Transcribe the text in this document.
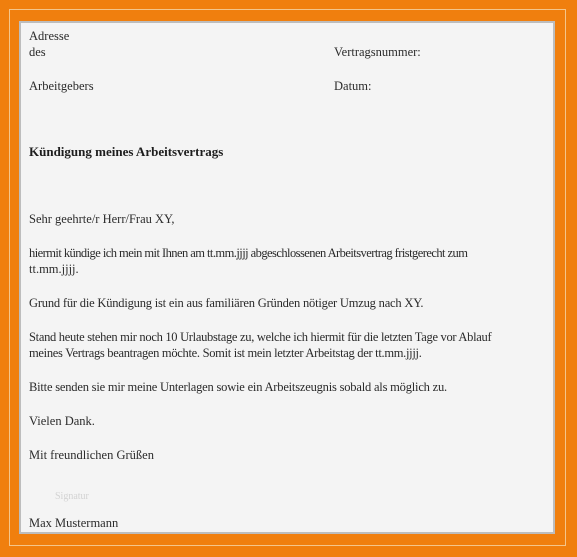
Adresse
des	Vertragsnummer:
Arbeitgebers	Datum:
Kündigung meines Arbeitsvertrags
Sehr geehrte/r Herr/Frau XY,
hiermit kündige ich mein mit Ihnen am tt.mm.jjjj abgeschlossenen Arbeitsvertrag fristgerecht zum
tt.mm.jjjj.
Grund für die Kündigung ist ein aus familiären Gründen nötiger Umzug nach XY.
Stand heute stehen mir noch 10 Urlaubstage zu, welche ich hiermit für die letzten Tage vor Ablauf
meines Vertrags beantragen möchte. Somit ist mein letzter Arbeitstag der tt.mm.jjjj.
Bitte senden sie mir meine Unterlagen sowie ein Arbeitszeugnis sobald als möglich zu.
Vielen Dank.
Mit freundlichen Grüßen
Signatur
Max Mustermann
